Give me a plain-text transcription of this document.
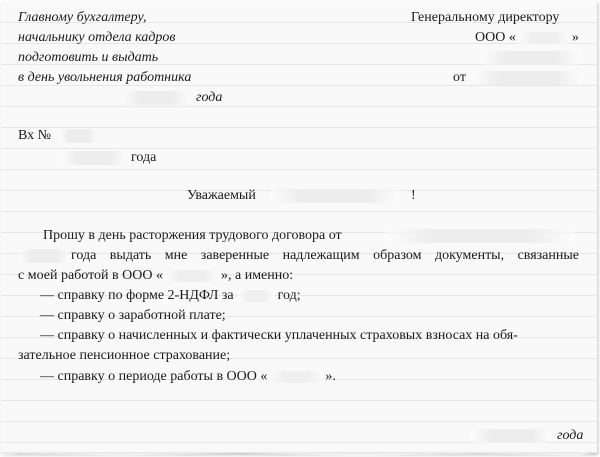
Главному бухгалтеру,
начальнику отдела кадров
подготовить и выдать
в день увольнения работника
года
Генеральному директору
ООО «	»
от
Вх №
года
Уважаемый	!
Прошу в день расторжения трудового договора от
года выдать мне заверенные надлежащим образом документы, связанные
с моей работой в ООО «	», а именно:
— справку по форме 2-НДФЛ за	год;
— справку о заработной плате;
— справку о начисленных и фактически уплаченных страховых взносах на обя-
зательное пенсионное страхование;
— справку о периоде работы в ООО «	».
года
